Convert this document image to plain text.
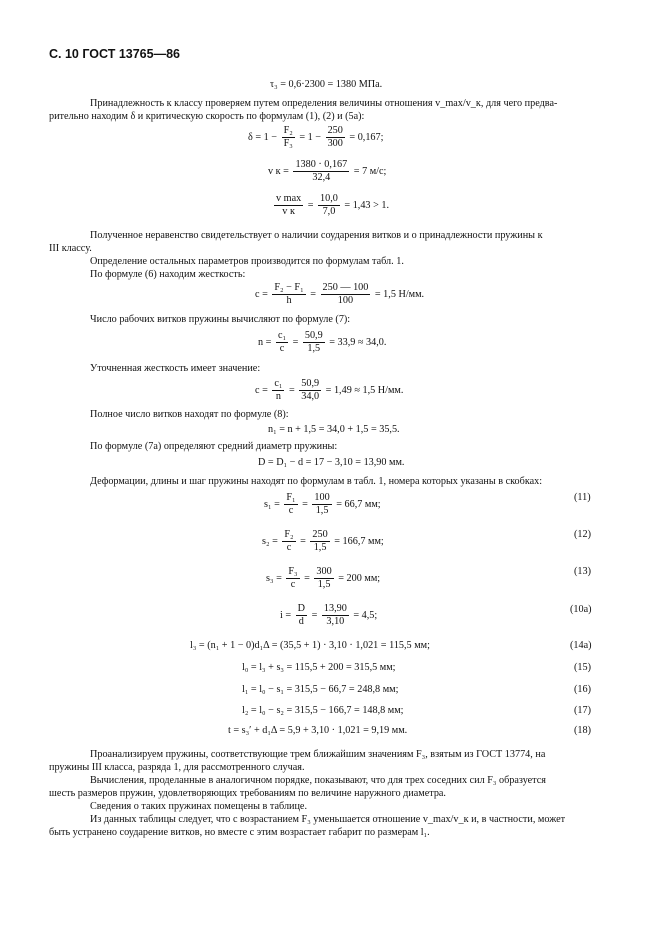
С. 10 ГОСТ 13765—86
τ₃ = 0,6·2300 = 1380 МПа.
Принадлежность к классу проверяем путем определения величины отношения v_max/v_к, для чего предва-
рительно находим δ и критическую скорость по формулам (1), (2) и (5а):
$\delta = 1 - \frac{\text{F₂}}{\text{F₃}} = 1 - \frac{250}{300} = 0,167$;
v $к = \frac{1380 \cdot 0,167}{32,4} = 7$ м/с;
$\frac{\text{v max}}{\text{v к}} = \frac{10,0}{7,0} = 1,43 > 1$.
Полученное неравенство свидетельствует о наличии соударения витков и о принадлежности пружины к
III классу.
Определение остальных параметров производится по формулам табл. 1.
По формуле (6) находим жесткость:
$c = \frac{\text{F₂ − F₁}}{h} = \frac{250 — 100}{100} = 1,5$ Н/мм.
Число рабочих витков пружины вычисляют по формуле (7):
$n = \frac{\text{c₁}}{c} = \frac{50,9}{1,5} = 33,9 \approx 34,0$.
Уточненная жесткость имеет значение:
$c = \frac{\text{c₁}}{n} = \frac{50,9}{34,0} = 1,49 \approx 1,5$ Н/мм.
Полное число витков находят по формуле (8):
n₁ = n + 1,5 = 34,0 + 1,5 = 35,5.
По формуле (7а) определяют средний диаметр пружины:
D = D₁ − d = 17 − 3,10 = 13,90 мм.
Деформации, длины и шаг пружины находят по формулам в табл. 1, номера которых указаны в скобках:
$s_1 = \frac{\text{F₁}}{c} = \frac{100}{1,5} = 66,7$ мм;
(11)
$s_2 = \frac{\text{F₂}}{c} = \frac{250}{1,5} = 166,7$ мм;
(12)
$s_3 = \frac{\text{F₃}}{c} = \frac{300}{1,5} = 200$ мм;
(13)
$i = \frac{D}{d} = \frac{13,90}{3,10} = 4,5$;
(10а)
l₃ = (n₁ + 1 − 0)d₁Δ = (35,5 + 1) · 3,10 · 1,021 = 115,5 мм;	(14а)
l₀ = l₃ + s₃ = 115,5 + 200 = 315,5 мм;	(15)
l₁ = l₀ − s₁ = 315,5 − 66,7 = 248,8 мм;	(16)
l₂ = l₀ − s₂ = 315,5 − 166,7 = 148,8 мм;	(17)
t = s₃′ + d₁Δ = 5,9 + 3,10 · 1,021 = 9,19 мм.	(18)
Проанализируем пружины, соответствующие трем ближайшим значениям F₃, взятым из ГОСТ 13774, на
пружины III класса, разряда 1, для рассмотренного случая.
Вычисления, проделанные в аналогичном порядке, показывают, что для трех соседних сил F₃ образуется
шесть размеров пружин, удовлетворяющих требованиям по величине наружного диаметра.
Сведения о таких пружинах помещены в таблице.
Из данных таблицы следует, что с возрастанием F₃ уменьшается отношение v_max/v_к и, в частности, может
быть устранено соударение витков, но вместе с этим возрастает габарит по размерам l₁.
